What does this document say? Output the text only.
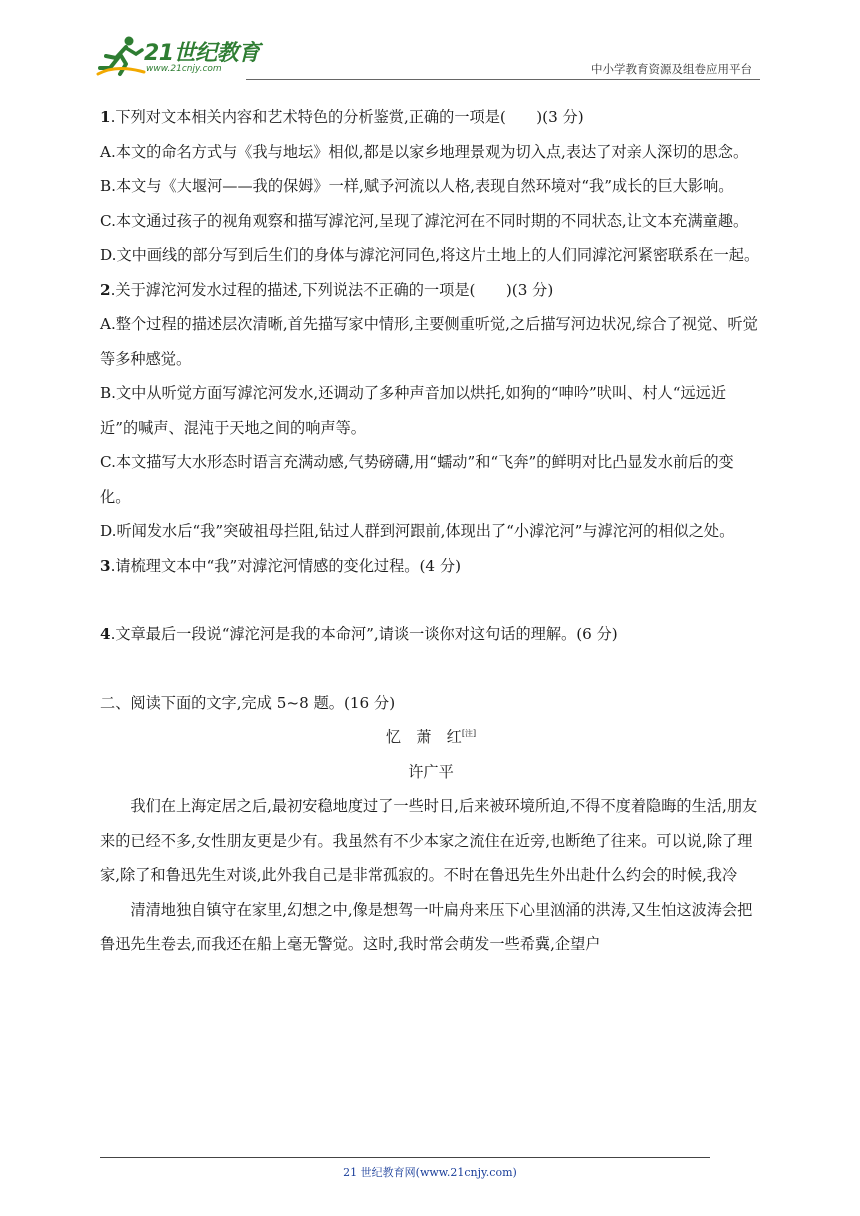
21世纪教育
www.21cnjy.com	中小学教育资源及组卷应用平台

1.下列对文本相关内容和艺术特色的分析鉴赏,正确的一项是(　　)(3 分)

A.本文的命名方式与《我与地坛》相似,都是以家乡地理景观为切入点,表达了对亲人深切的思念。

B.本文与《大堰河——我的保姆》一样,赋予河流以人格,表现自然环境对“我”成长的巨大影响。

C.本文通过孩子的视角观察和描写滹沱河,呈现了滹沱河在不同时期的不同状态,让文本充满童趣。

D.文中画线的部分写到后生们的身体与滹沱河同色,将这片土地上的人们同滹沱河紧密联系在一起。

2.关于滹沱河发水过程的描述,下列说法不正确的一项是(　　)(3 分)

A.整个过程的描述层次清晰,首先描写家中情形,主要侧重听觉,之后描写河边状况,综合了视觉、听觉等多种感觉。

B.文中从听觉方面写滹沱河发水,还调动了多种声音加以烘托,如狗的“呻吟”吠叫、村人“远远近近”的喊声、混沌于天地之间的响声等。

C.本文描写大水形态时语言充满动感,气势磅礴,用“蠕动”和“飞奔”的鲜明对比凸显发水前后的变化。

D.听闻发水后“我”突破祖母拦阻,钻过人群到河跟前,体现出了“小滹沱河”与滹沱河的相似之处。

3.请梳理文本中“我”对滹沱河情感的变化过程。(4 分)

4.文章最后一段说“滹沱河是我的本命河”,请谈一谈你对这句话的理解。(6 分)

二、阅读下面的文字,完成 5~8 题。(16 分)

忆　萧　红[注]

许广平

我们在上海定居之后,最初安稳地度过了一些时日,后来被环境所迫,不得不度着隐晦的生活,朋友来的已经不多,女性朋友更是少有。我虽然有不少本家之流住在近旁,也断绝了往来。可以说,除了理家,除了和鲁迅先生对谈,此外我自己是非常孤寂的。不时在鲁迅先生外出赴什么约会的时候,我冷

清清地独自镇守在家里,幻想之中,像是想驾一叶扁舟来压下心里汹涌的洪涛,又生怕这波涛会把鲁迅先生卷去,而我还在船上毫无警觉。这时,我时常会萌发一些希冀,企望户

21 世纪教育网(www.21cnjy.com)
